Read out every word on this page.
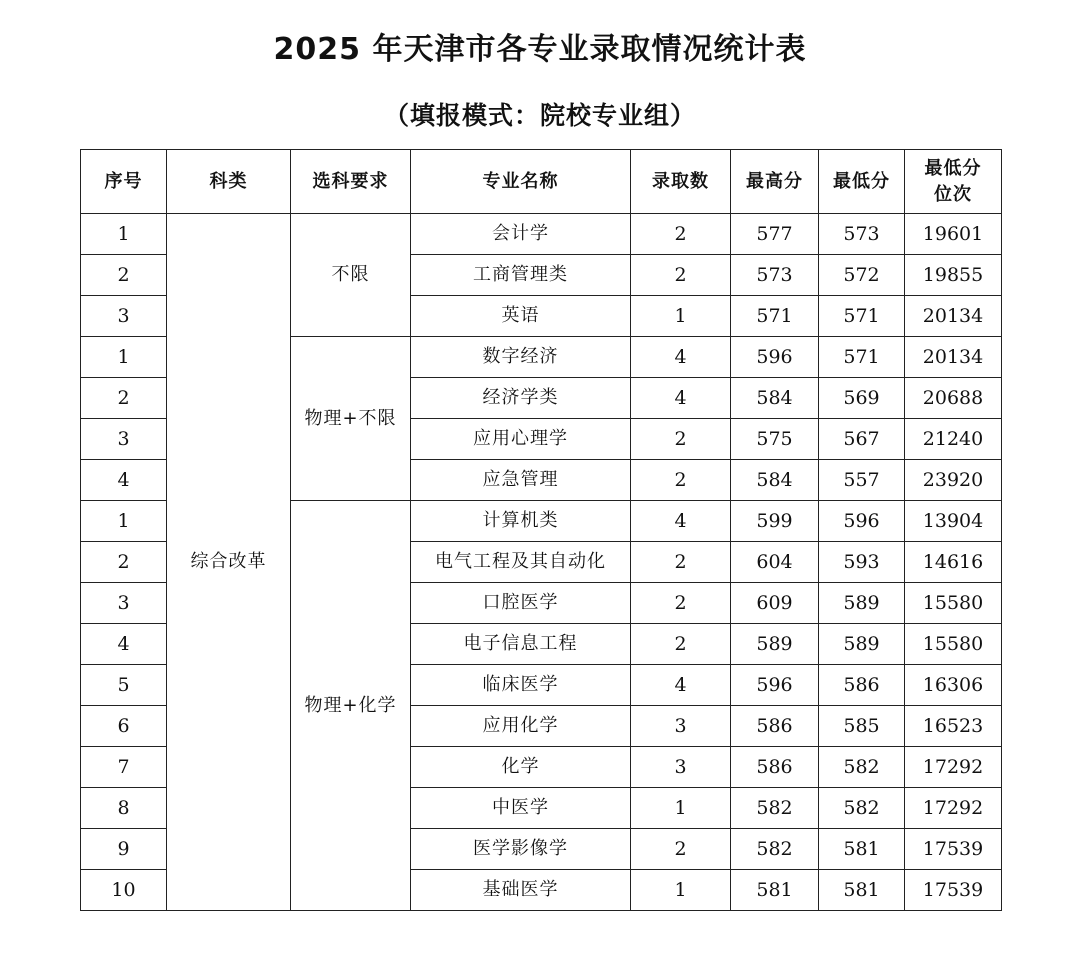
2025 年天津市各专业录取情况统计表
（填报模式：院校专业组）
序号	科类	选科要求	专业名称	录取数	最高分	最低分	最低分位次
1	综合改革	不限	会计学	2	577	573	19601
2			工商管理类	2	573	572	19855
3			英语	1	571	571	20134
1		物理+不限	数字经济	4	596	571	20134
2			经济学类	4	584	569	20688
3			应用心理学	2	575	567	21240
4			应急管理	2	584	557	23920
1		物理+化学	计算机类	4	599	596	13904
2			电气工程及其自动化	2	604	593	14616
3			口腔医学	2	609	589	15580
4			电子信息工程	2	589	589	15580
5			临床医学	4	596	586	16306
6			应用化学	3	586	585	16523
7			化学	3	586	582	17292
8			中医学	1	582	582	17292
9			医学影像学	2	582	581	17539
10			基础医学	1	581	581	17539
